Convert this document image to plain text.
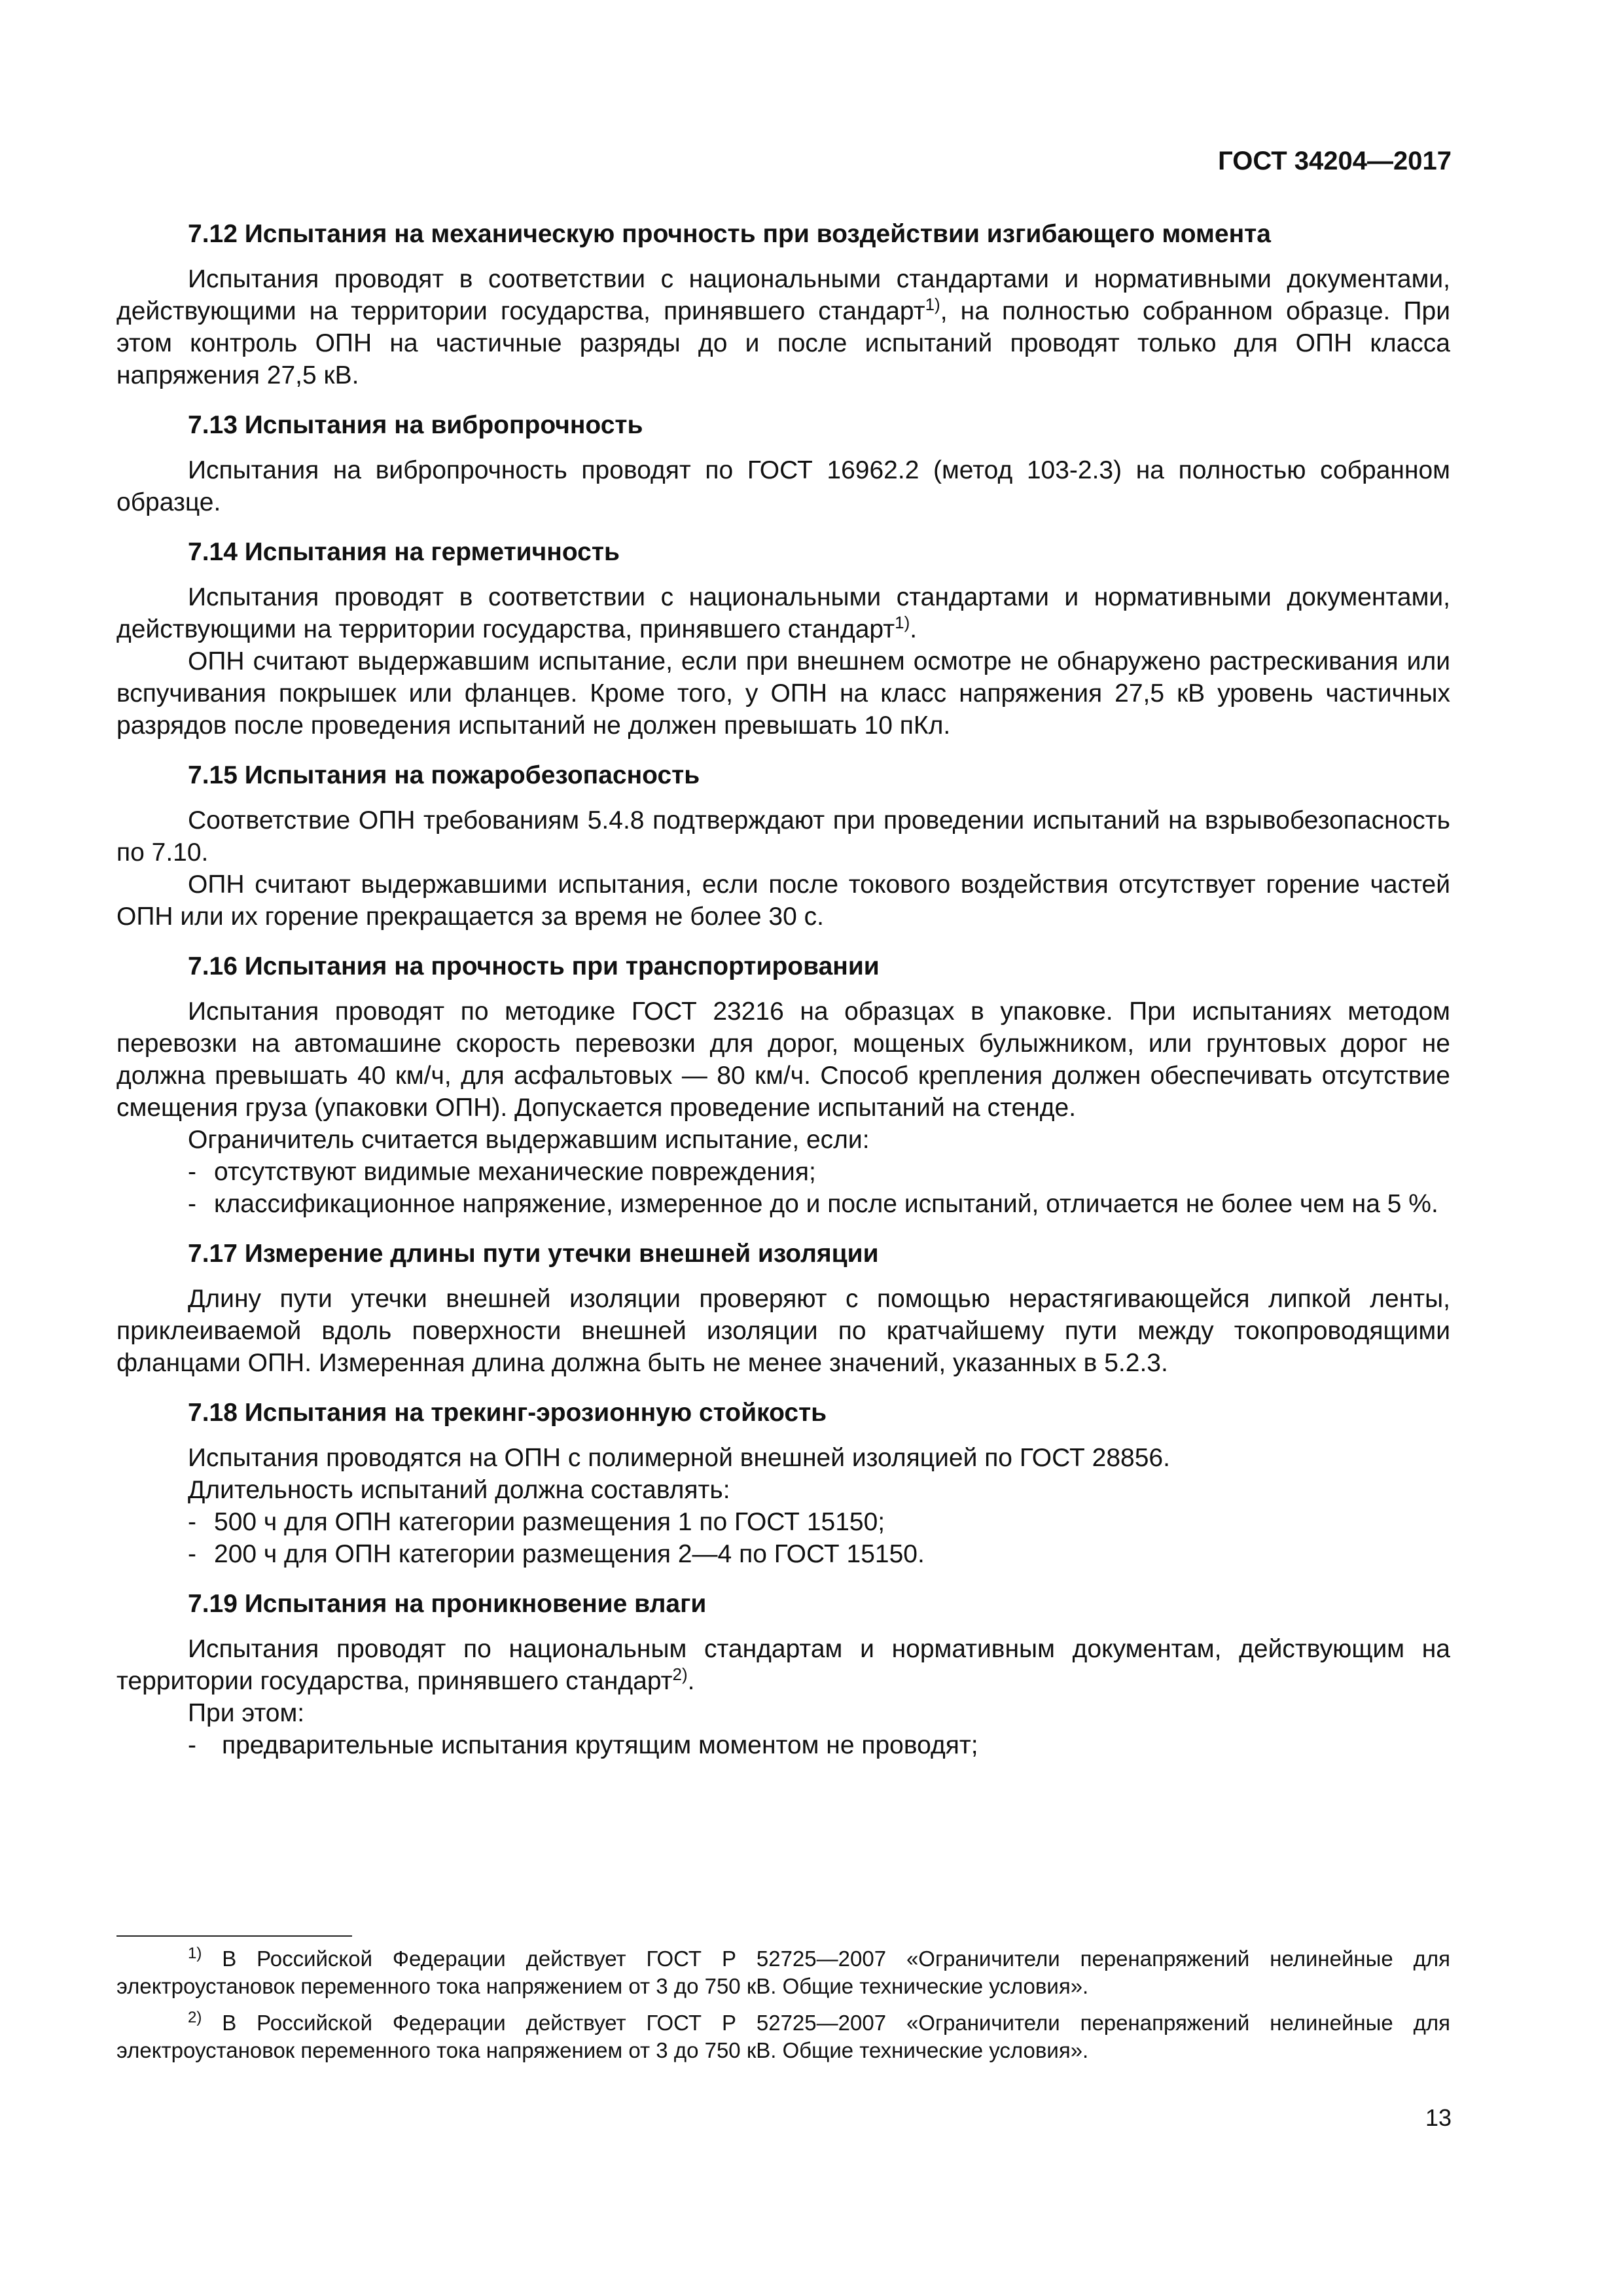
ГОСТ 34204—2017
7.12 Испытания на механическую прочность при воздействии изгибающего момента

Испытания проводят в соответствии с национальными стандартами и нормативными документами, действующими на территории государства, принявшего стандарт$^{1)}$, на полностью собранном образце. При этом контроль ОПН на частичные разряды до и после испытаний проводят только для ОПН класса напряжения 27,5 кВ.

7.13 Испытания на вибропрочность

Испытания на вибропрочность проводят по ГОСТ 16962.2 (метод 103-2.3) на полностью собранном образце.

7.14 Испытания на герметичность

Испытания проводят в соответствии с национальными стандартами и нормативными документами, действующими на территории государства, принявшего стандарт$^{1)}$.

ОПН считают выдержавшим испытание, если при внешнем осмотре не обнаружено растрескивания или вспучивания покрышек или фланцев. Кроме того, у ОПН на класс напряжения 27,5 кВ уровень частичных разрядов после проведения испытаний не должен превышать 10 пКл.

7.15 Испытания на пожаробезопасность

Соответствие ОПН требованиям 5.4.8 подтверждают при проведении испытаний на взрывобезопасность по 7.10.

ОПН считают выдержавшими испытания, если после токового воздействия отсутствует горение частей ОПН или их горение прекращается за время не более 30 с.

7.16 Испытания на прочность при транспортировании

Испытания проводят по методике ГОСТ 23216 на образцах в упаковке. При испытаниях методом перевозки на автомашине скорость перевозки для дорог, мощеных булыжником, или грунтовых дорог не должна превышать 40 км/ч, для асфальтовых — 80 км/ч. Способ крепления должен обеспечивать отсутствие смещения груза (упаковки ОПН). Допускается проведение испытаний на стенде.

Ограничитель считается выдержавшим испытание, если:

- отсутствуют видимые механические повреждения;

- классификационное напряжение, измеренное до и после испытаний, отличается не более чем на 5 %.

7.17 Измерение длины пути утечки внешней изоляции

Длину пути утечки внешней изоляции проверяют с помощью нерастягивающейся липкой ленты, приклеиваемой вдоль поверхности внешней изоляции по кратчайшему пути между токопроводящими фланцами ОПН. Измеренная длина должна быть не менее значений, указанных в 5.2.3.

7.18 Испытания на трекинг-эрозионную стойкость

Испытания проводятся на ОПН с полимерной внешней изоляцией по ГОСТ 28856.

Длительность испытаний должна составлять:

- 500 ч для ОПН категории размещения 1 по ГОСТ 15150;

- 200 ч для ОПН категории размещения 2—4 по ГОСТ 15150.

7.19 Испытания на проникновение влаги

Испытания проводят по национальным стандартам и нормативным документам, действующим на территории государства, принявшего стандарт$^{2)}$.

При этом:

- предварительные испытания крутящим моментом не проводят;

$^{1)}$ В Российской Федерации действует ГОСТ Р 52725—2007 «Ограничители перенапряжений нелинейные для электроустановок переменного тока напряжением от 3 до 750 кВ. Общие технические условия».

$^{2)}$ В Российской Федерации действует ГОСТ Р 52725—2007 «Ограничители перенапряжений нелинейные для электроустановок переменного тока напряжением от 3 до 750 кВ. Общие технические условия».

13
